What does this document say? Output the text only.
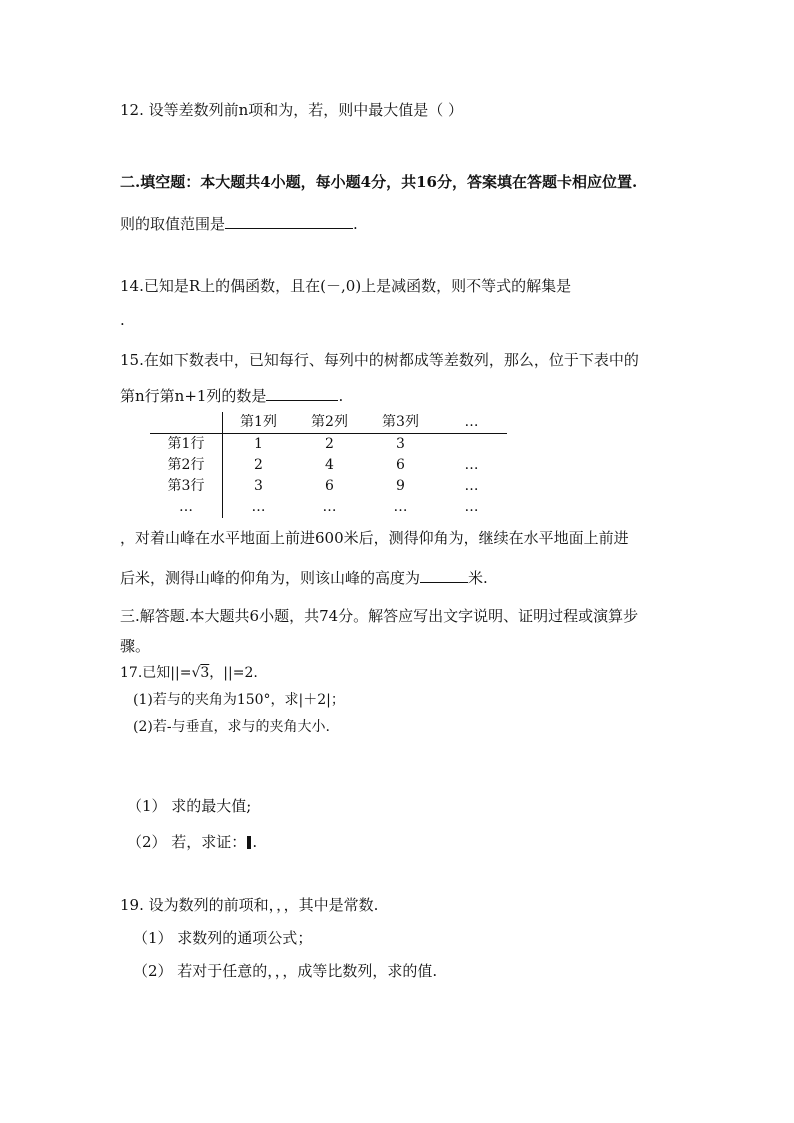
12. 设等差数列前n项和为，若，则中最大值是（ ）
二.填空题：本大题共4小题，每小题4分，共16分，答案填在答题卡相应位置.
则的取值范围是	.
14.已知是R上的偶函数，且在(－,0)上是减函数，则不等式的解集是
.
15.在如下数表中，已知每行、每列中的树都成等差数列，那么，位于下表中的
第n行第n+1列的数是	.
	第1列	第2列	第3列	…
第1行	1	2	3	
第2行	2	4	6	…
第3行	3	6	9	…
…	…	…	…	…
，对着山峰在水平地面上前进600米后，测得仰角为，继续在水平地面上前进
后米，测得山峰的仰角为，则该山峰的高度为	米.
三.解答题.本大题共6小题，共74分。解答应写出文字说明、证明过程或演算步
骤。
17.已知||=√3，||=2.
(1)若与的夹角为150°，求|＋2|；
(2)若-与垂直，求与的夹角大小.
（1） 求的最大值;
（2） 若，求证： .
19. 设为数列的前项和，，，其中是常数.
（1） 求数列的通项公式；
（2） 若对于任意的，，，成等比数列，求的值.
